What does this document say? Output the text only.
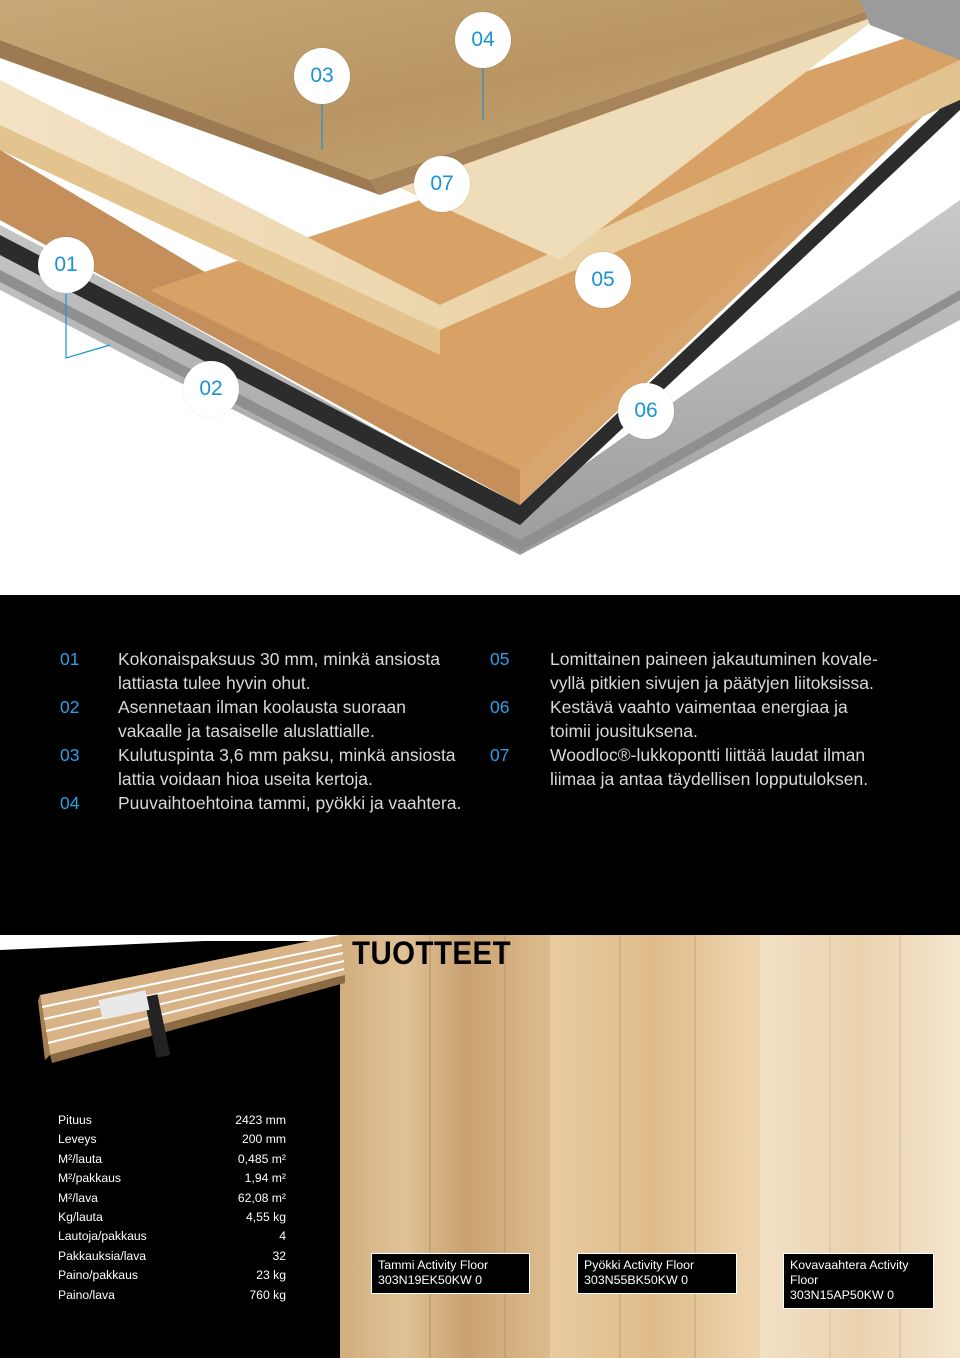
01
02
03
04
05
06
07
01	Kokonaispaksuus 30 mm, minkä ansiosta
lattiasta tulee hyvin ohut.
02	Asennetaan ilman koolausta suoraan
vakaalle ja tasaiselle aluslattialle.
03	Kulutuspinta 3,6 mm paksu, minkä ansiosta
lattia voidaan hioa useita kertoja.
04	Puuvaihtoehtoina tammi, pyökki ja vaahtera.
05	Lomittainen paineen jakautuminen kovale-
vyllä pitkien sivujen ja päätyjen liitoksissa.
06	Kestävä vaahto vaimentaa energiaa ja
toimii jousituksena.
07	Woodloc®-lukkopontti liittää laudat ilman
liimaa ja antaa täydellisen lopputuloksen.
TUOTTEET
Pituus	2423 mm
Leveys	200 mm
M²/lauta	0,485 m²
M²/pakkaus	1,94 m²
M²/lava	62,08 m²
Kg/lauta	4,55 kg
Lautoja/pakkaus	4
Pakkauksia/lava	32
Paino/pakkaus	23 kg
Paino/lava	760 kg
Tammi Activity Floor
303N19EK50KW 0
Pyökki Activity Floor
303N55BK50KW 0
Kovavaahtera Activity Floor
303N15AP50KW 0
